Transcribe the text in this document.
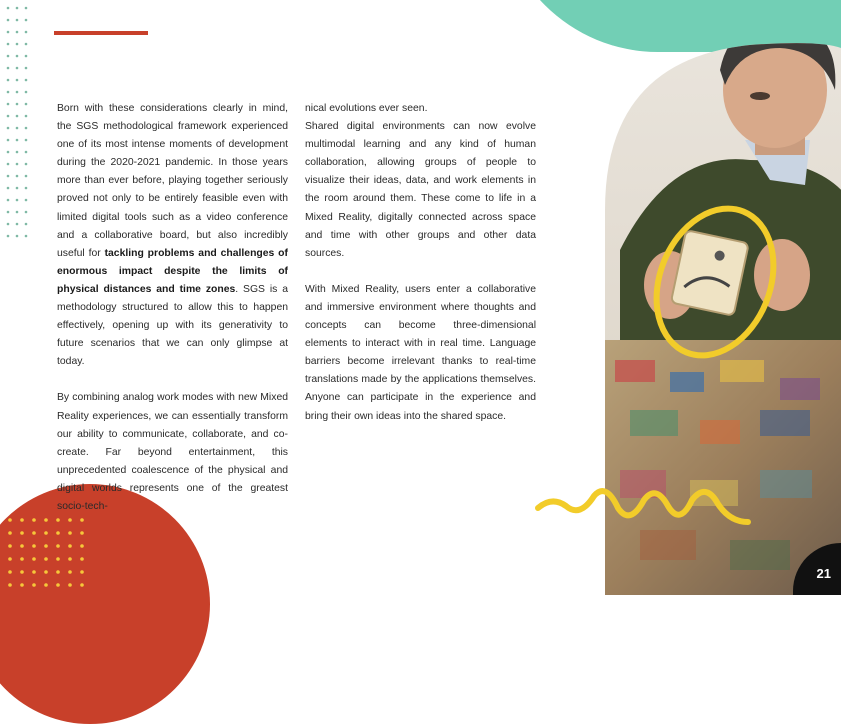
Born with these considerations clearly in mind, the SGS methodological framework experienced one of its most intense moments of development during the 2020-2021 pandemic. In those years more than ever before, playing together seriously proved not only to be entirely feasible even with limited digital tools such as a video conference and a collaborative board, but also incredibly useful for tackling problems and challenges of enormous impact despite the limits of physical distances and time zones. SGS is a methodology structured to allow this to happen effectively, opening up with its generativity to future scenarios that we can only glimpse at today.

By combining analog work modes with new Mixed Reality experiences, we can essentially transform our ability to communicate, collaborate, and co-create. Far beyond entertainment, this unprecedented coalescence of the physical and digital worlds represents one of the greatest socio-tech-

nical evolutions ever seen.

Shared digital environments can now evolve multimodal learning and any kind of human collaboration, allowing groups of people to visualize their ideas, data, and work elements in the room around them. These come to life in a Mixed Reality, digitally connected across space and time with other groups and other data sources.

With Mixed Reality, users enter a collaborative and immersive environment where thoughts and concepts can become three-dimensional elements to interact with in real time. Language barriers become irrelevant thanks to real-time translations made by the applications themselves. Anyone can participate in the experience and bring their own ideas into the shared space.

21
